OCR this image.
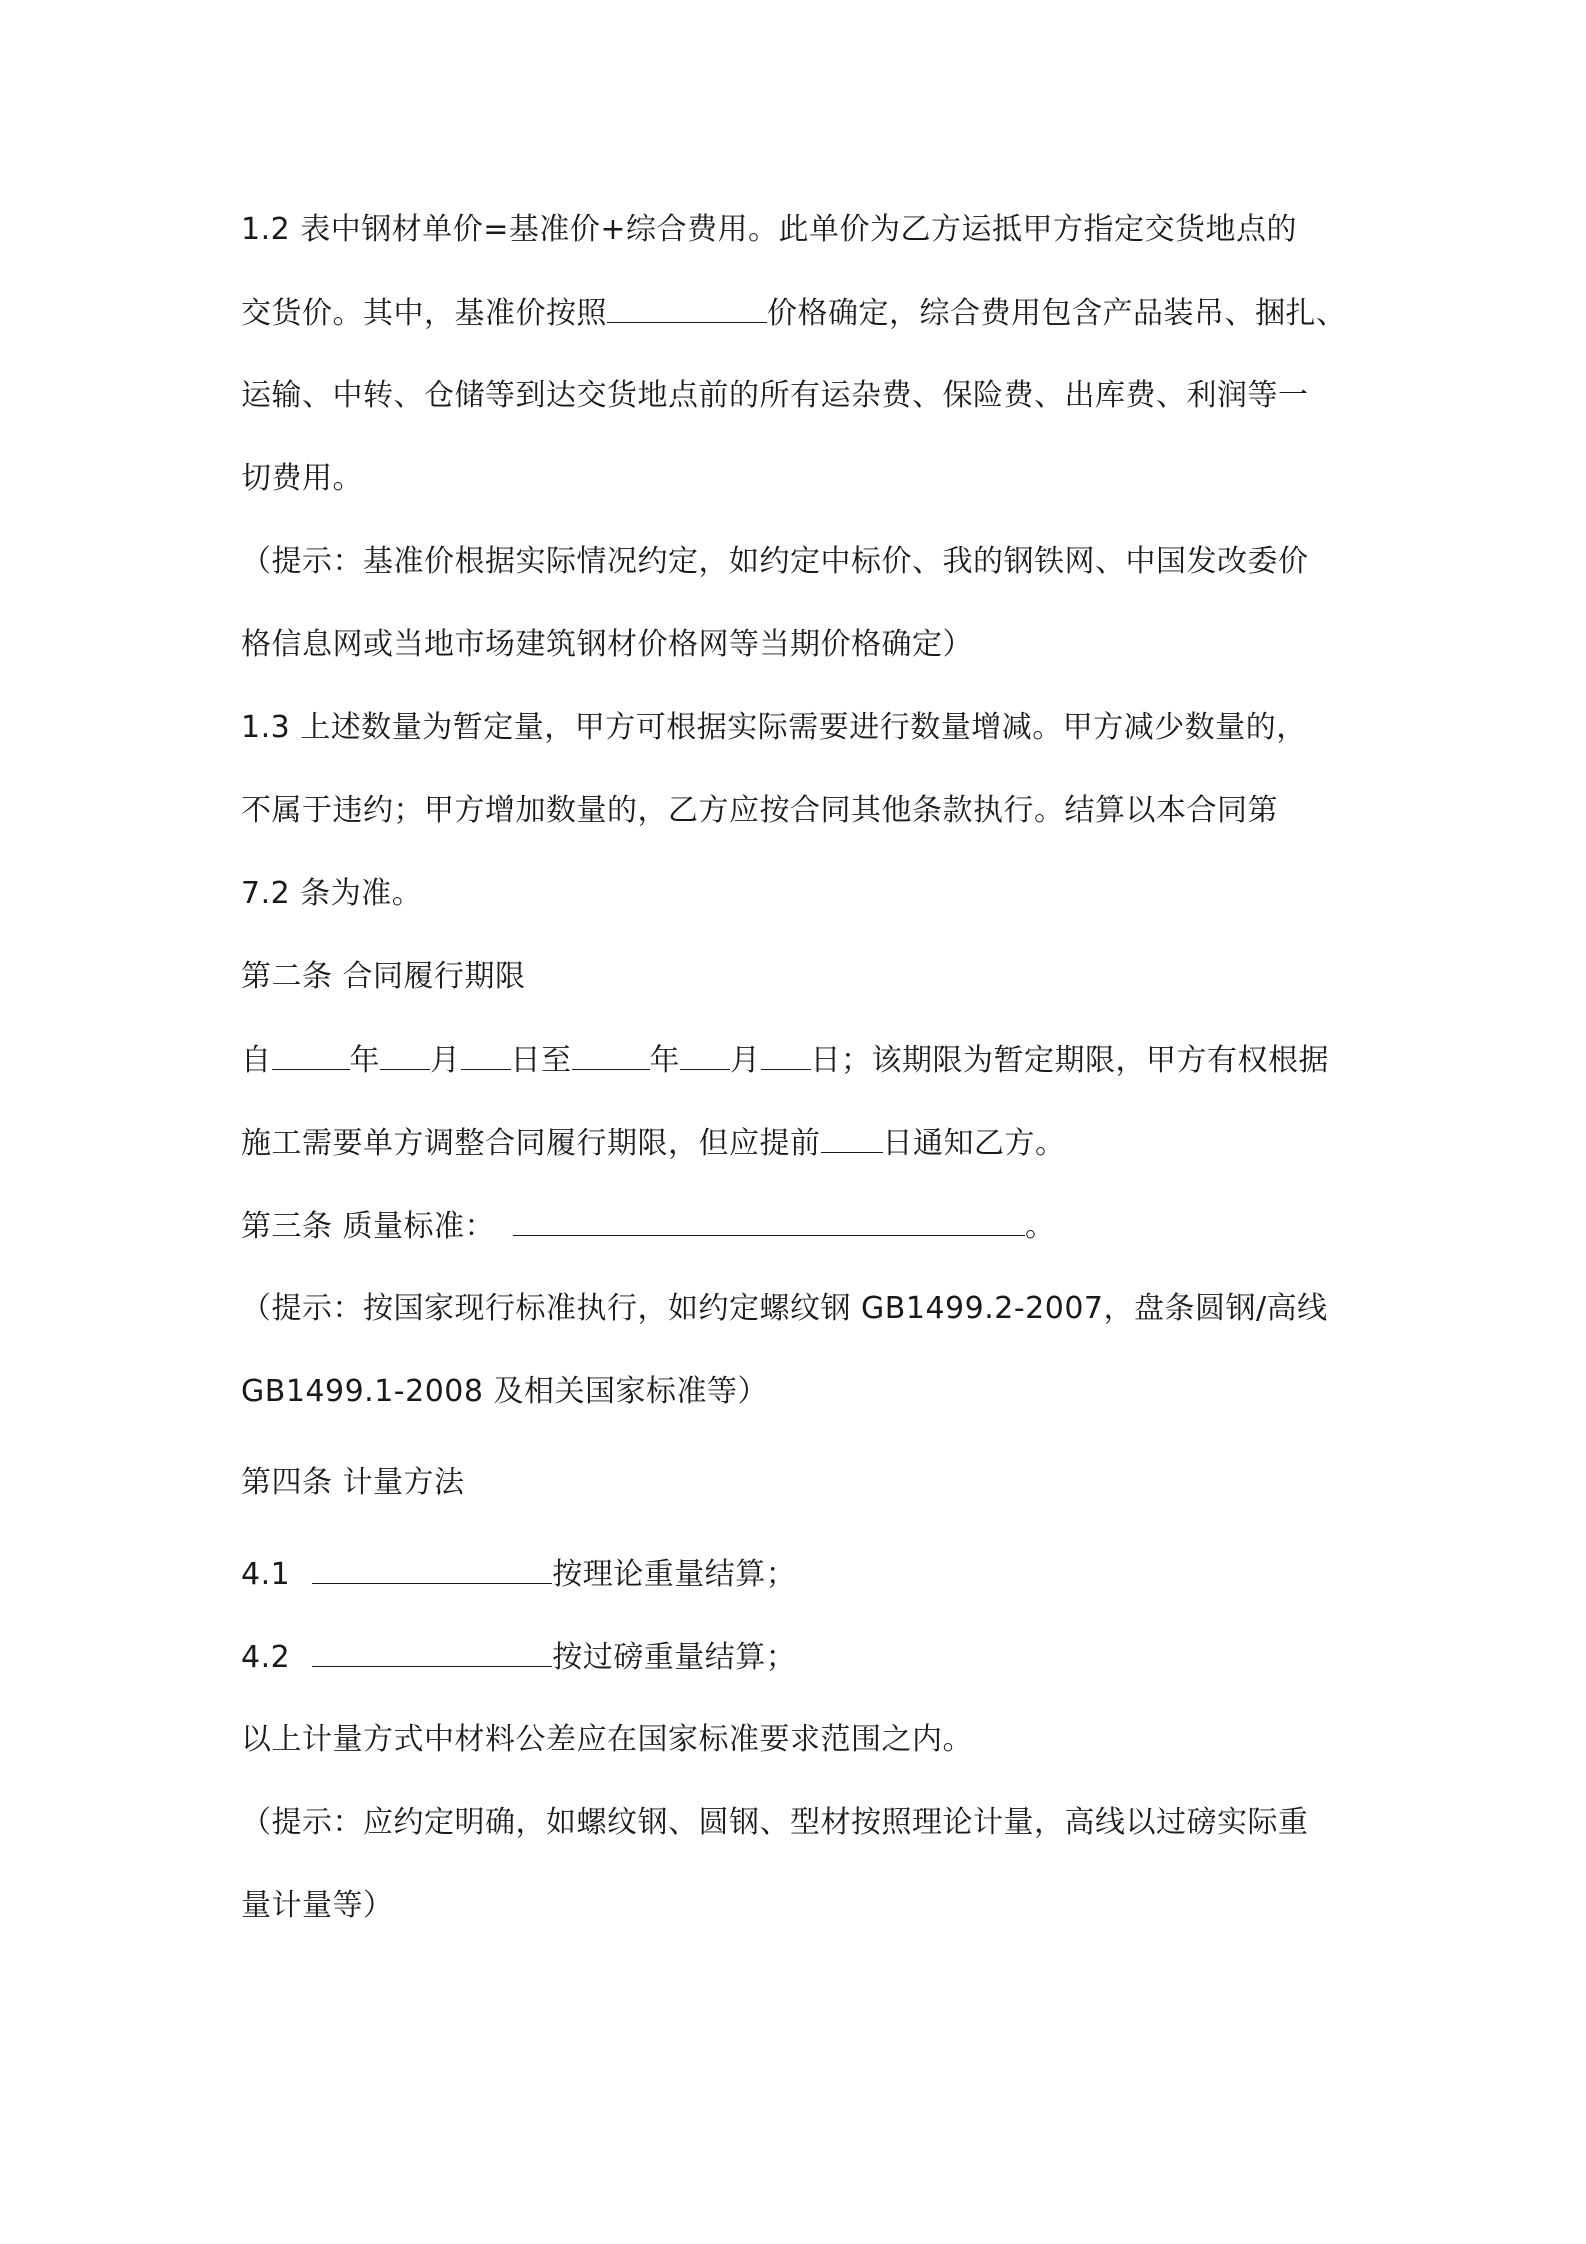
1.2 表中钢材单价=基准价+综合费用。此单价为乙方运抵甲方指定交货地点的
交货价。其中，基准价按照	价格确定，综合费用包含产品装吊、捆扎、
运输、中转、仓储等到达交货地点前的所有运杂费、保险费、出库费、利润等一
切费用。
（提示：基准价根据实际情况约定，如约定中标价、我的钢铁网、中国发改委价
格信息网或当地市场建筑钢材价格网等当期价格确定）
1.3 上述数量为暂定量，甲方可根据实际需要进行数量增减。甲方减少数量的，
不属于违约；甲方增加数量的，乙方应按合同其他条款执行。结算以本合同第
7.2 条为准。
第二条 合同履行期限
自	年 月 日至	年 月 日；该期限为暂定期限，甲方有权根据
施工需要单方调整合同履行期限，但应提前 日通知乙方。
第三条 质量标准：	。
（提示：按国家现行标准执行，如约定螺纹钢 GB1499.2-2007，盘条圆钢/高线
GB1499.1-2008 及相关国家标准等）
第四条 计量方法
4.1	按理论重量结算；
4.2	按过磅重量结算；
以上计量方式中材料公差应在国家标准要求范围之内。
（提示：应约定明确，如螺纹钢、圆钢、型材按照理论计量，高线以过磅实际重
量计量等）
